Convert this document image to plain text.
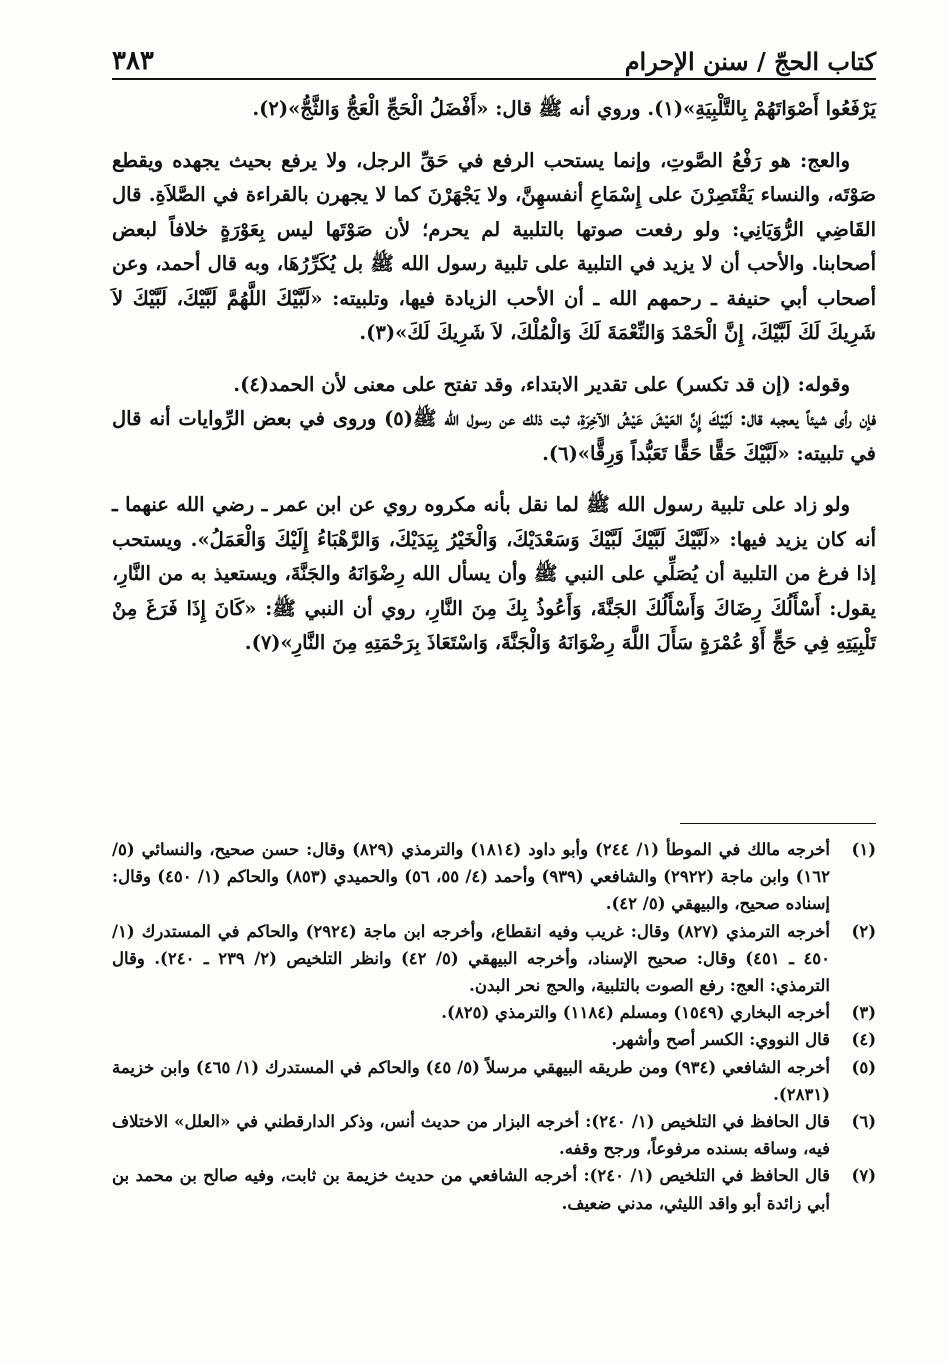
٣٨٣	كتاب الحجّ / سنن الإحرام

يَرْفَعُوا أَصْوَاتَهُمْ بِالتَّلْبِيَةِ»(١). وروي أنه ﷺ قال: «أَفْضَلُ الْحَجِّ الْعَجُّ وَالثَّجُّ»(٢).

والعج: هو رَفْعُ الصَّوتِ، وإنما يستحب الرفع في حَقِّ الرجل، ولا يرفع بحيث يجهده ويقطع صَوْتَه، والنساء يَقْتَصِرْنَ على إِسْمَاعِ أنفسهِنَّ، ولا يَجْهَرْنَ كما لا يجهرن بالقراءة في الصَّلاَةِ. قال القَاضِي الرُّوَيَانِي: ولو رفعت صوتها بالتلبية لم يحرم؛ لأن صَوْتَها ليس بِعَوْرَةٍ خلافاً لبعض أصحابنا. والأحب أن لا يزيد في التلبية على تلبية رسول الله ﷺ بل يُكَرِّرُهَا، وبه قال أحمد، وعن أصحاب أبي حنيفة ـ رحمهم الله ـ أن الأحب الزيادة فيها، وتلبيته: «لَبَّيْكَ اللَّهُمَّ لَبَّيْكَ، لَبَّيْكَ لاَ شَرِيكَ لَكَ لَبَّيْكَ، إِنَّ الْحَمْدَ وَالنِّعْمَةَ لَكَ وَالْمُلْكَ، لاَ شَرِيكَ لَكَ»(٣).

وقوله: (إن قد تكسر) على تقدير الابتداء، وقد تفتح على معنى لأن الحمد(٤).

فإن رأى شيئاً يعجبه قال: لَبَّيْكَ إِنَّ العَيْشَ عَيْشُ الآخِرَةِ، ثبت ذلك عن رسول الله ﷺ(٥) وروى في بعض الرِّوايات أنه قال في تلبيته: «لَبَّيْكَ حَقًّا حَقًّا تَعَبُّداً وَرِقًّا»(٦).

ولو زاد على تلبية رسول الله ﷺ لما نقل بأنه مكروه روي عن ابن عمر ـ رضي الله عنهما ـ أنه كان يزيد فيها: «لَبَّيْكَ لَبَّيْكَ لَبَّيْكَ وَسَعْدَيْكَ، وَالْخَيْرُ بِيَدَيْكَ، وَالرَّهْبَاءُ إِلَيْكَ وَالْعَمَلُ». ويستحب إذا فرغ من التلبية أن يُصَلِّي على النبي ﷺ وأن يسأل الله رِضْوَانَهُ والجَنَّةَ، ويستعيذ به من النَّارِ، يقول: أَسْأَلُكَ رِضَاكَ وَأَسْأَلُكَ الجَنَّةَ، وَأَعُوذُ بِكَ مِنَ النَّارِ، روي أن النبي ﷺ: «كَانَ إِذَا فَرَغَ مِنْ تَلْبِيَتِهِ فِي حَجٍّ أَوْ عُمْرَةٍ سَأَلَ اللَّهَ رِضْوَانَهُ وَالْجَنَّةَ، وَاسْتَعَاذَ بِرَحْمَتِهِ مِنَ النَّارِ»(٧).

(١)
أخرجه مالك في الموطأ (١/ ٢٤٤) وأبو داود (١٨١٤) والترمذي (٨٢٩) وقال: حسن صحيح، والنسائي (٥/ ١٦٢) وابن ماجة (٢٩٢٢) والشافعي (٩٣٩) وأحمد (٤/ ٥٥، ٥٦) والحميدي (٨٥٣) والحاكم (١/ ٤٥٠) وقال: إسناده صحيح، والبيهقي (٥/ ٤٢).
(٢)
أخرجه الترمذي (٨٢٧) وقال: غريب وفيه انقطاع، وأخرجه ابن ماجة (٢٩٢٤) والحاكم في المستدرك (١/ ٤٥٠ ـ ٤٥١) وقال: صحيح الإسناد، وأخرجه البيهقي (٥/ ٤٢) وانظر التلخيص (٢/ ٢٣٩ ـ ٢٤٠). وقال الترمذي: العج: رفع الصوت بالتلبية، والحج نحر البدن.
(٣)
أخرجه البخاري (١٥٤٩) ومسلم (١١٨٤) والترمذي (٨٢٥).
(٤)
قال النووي: الكسر أصح وأشهر.
(٥)
أخرجه الشافعي (٩٣٤) ومن طريقه البيهقي مرسلاً (٥/ ٤٥) والحاكم في المستدرك (١/ ٤٦٥) وابن خزيمة (٢٨٣١).
(٦)
قال الحافظ في التلخيص (١/ ٢٤٠): أخرجه البزار من حديث أنس، وذكر الدارقطني في «العلل» الاختلاف فيه، وساقه بسنده مرفوعاً، ورجح وقفه.
(٧)
قال الحافظ في التلخيص (١/ ٢٤٠): أخرجه الشافعي من حديث خزيمة بن ثابت، وفيه صالح بن محمد بن أبي زائدة أبو واقد الليثي، مدني ضعيف.
